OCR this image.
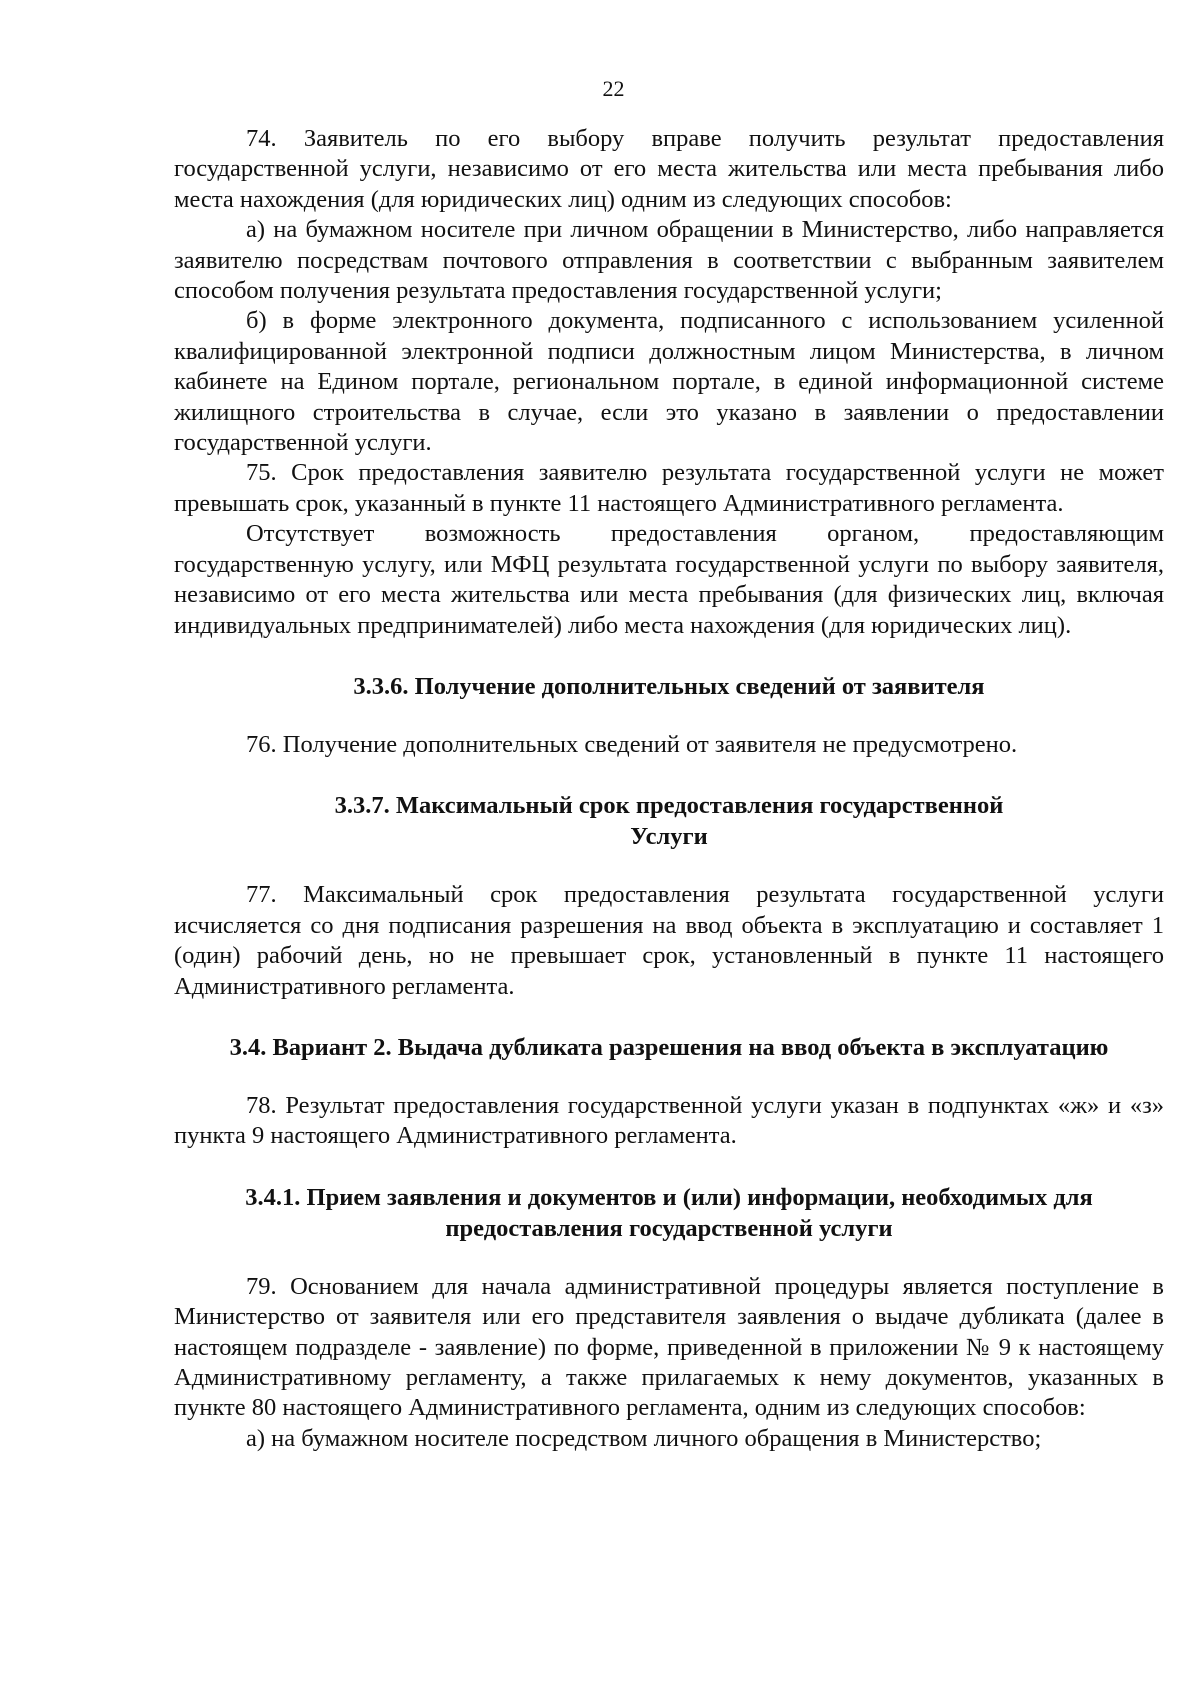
22

74. Заявитель по его выбору вправе получить результат предоставления государственной услуги, независимо от его места жительства или места пребывания либо места нахождения (для юридических лиц) одним из следующих способов:

а) на бумажном носителе при личном обращении в Министерство, либо направляется заявителю посредствам почтового отправления в соответствии с выбранным заявителем способом получения результата предоставления государственной услуги;

б) в форме электронного документа, подписанного с использованием усиленной квалифицированной электронной подписи должностным лицом Министерства, в личном кабинете на Едином портале, региональном портале, в единой информационной системе жилищного строительства в случае, если это указано в заявлении о предоставлении государственной услуги.

75. Срок предоставления заявителю результата государственной услуги не может превышать срок, указанный в пункте 11 настоящего Административного регламента.

Отсутствует возможность предоставления органом, предоставляющим государственную услугу, или МФЦ результата государственной услуги по выбору заявителя, независимо от его места жительства или места пребывания (для физических лиц, включая индивидуальных предпринимателей) либо места нахождения (для юридических лиц).

3.3.6. Получение дополнительных сведений от заявителя

76. Получение дополнительных сведений от заявителя не предусмотрено.

3.3.7. Максимальный срок предоставления государственной
Услуги

77. Максимальный срок предоставления результата государственной услуги исчисляется со дня подписания разрешения на ввод объекта в эксплуатацию и составляет 1 (один) рабочий день, но не превышает срок, установленный в пункте 11 настоящего Административного регламента.

3.4. Вариант 2. Выдача дубликата разрешения на ввод объекта в эксплуатацию

78. Результат предоставления государственной услуги указан в подпунктах «ж» и «з» пункта 9 настоящего Административного регламента.

3.4.1. Прием заявления и документов и (или) информации, необходимых для
предоставления государственной услуги

79. Основанием для начала административной процедуры является поступление в Министерство от заявителя или его представителя заявления о выдаче дубликата (далее в настоящем подразделе - заявление) по форме, приведенной в приложении № 9 к настоящему Административному регламенту, а также прилагаемых к нему документов, указанных в пункте 80 настоящего Административного регламента, одним из следующих способов:

а) на бумажном носителе посредством личного обращения в Министерство;
